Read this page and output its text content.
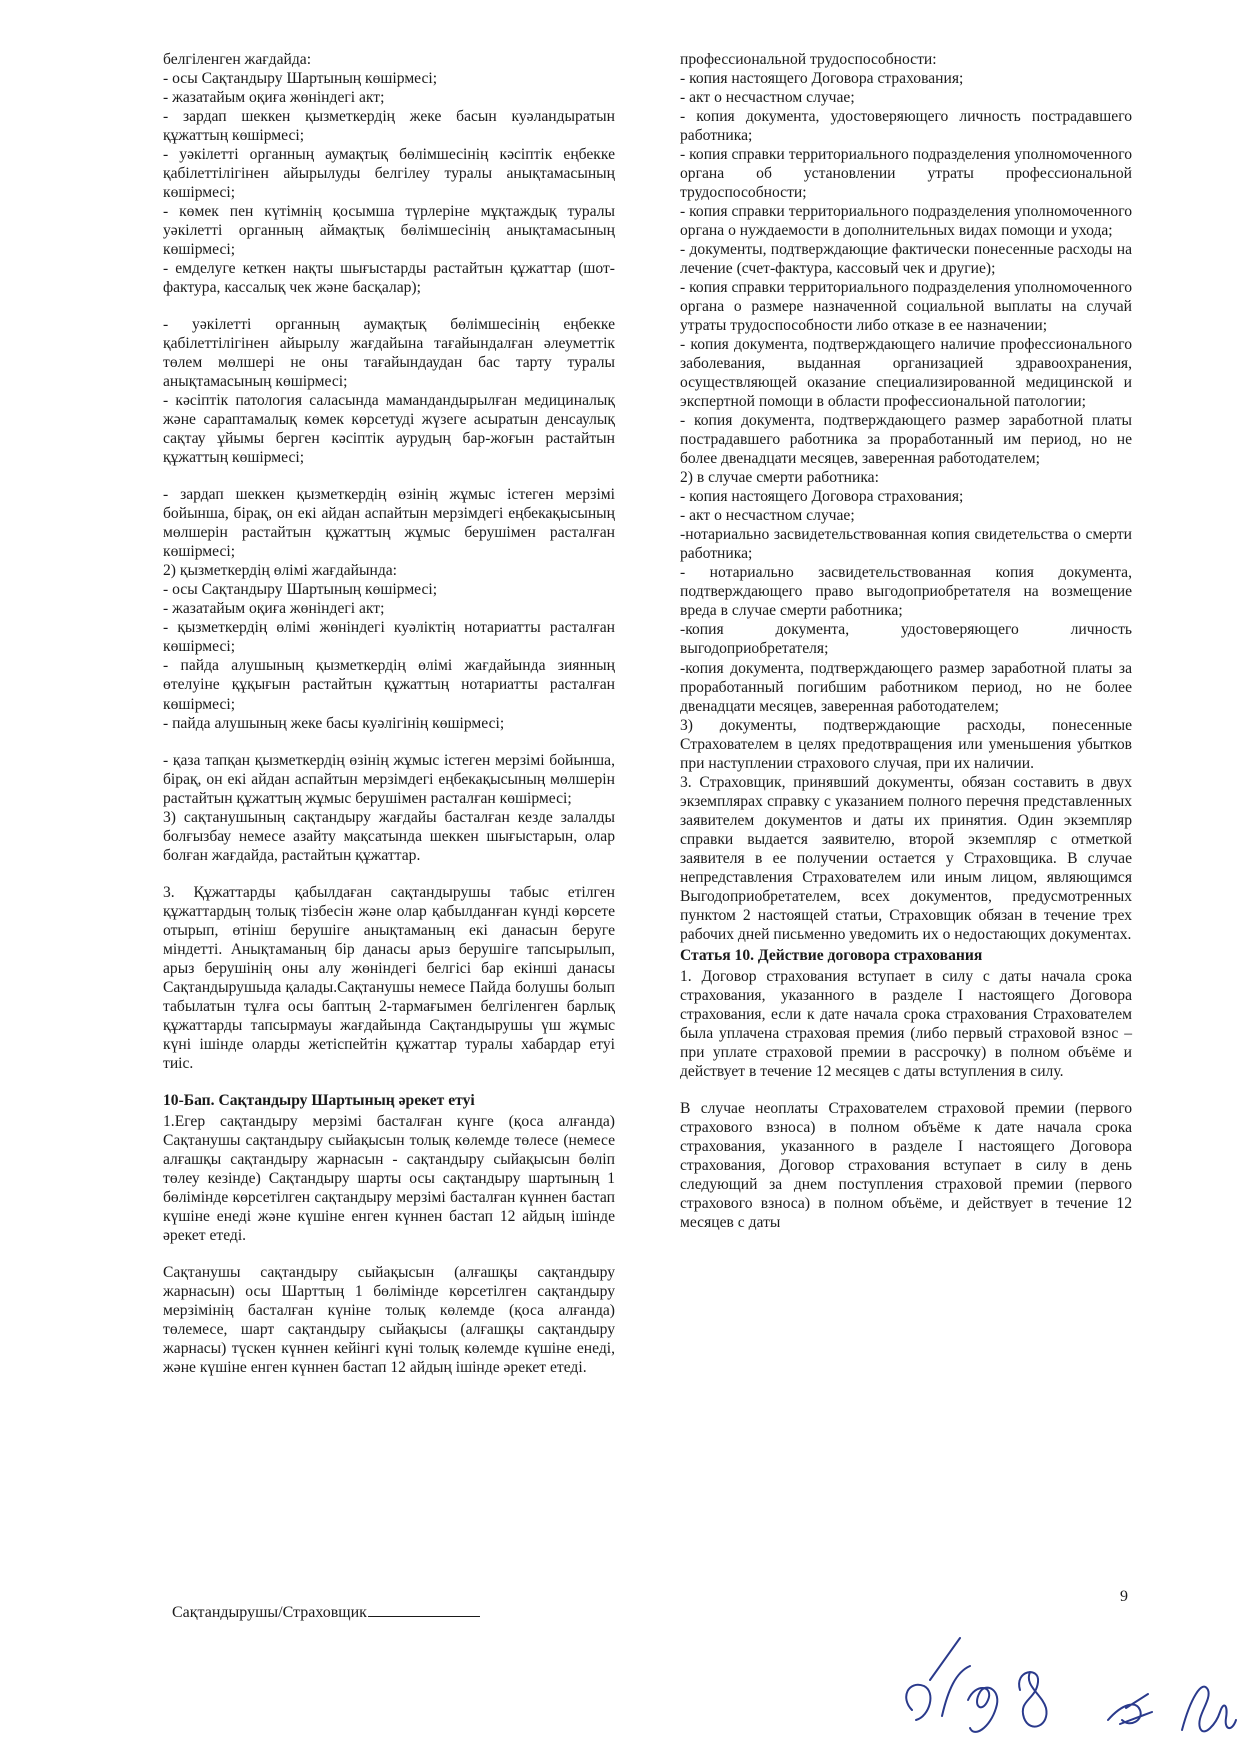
белгіленген жағдайда:

- осы Сақтандыру Шартының көшірмесі;

- жазатайым оқиға жөніндегі акт;

- зардап шеккен қызметкердің жеке басын куәландыратын құжаттың көшірмесі;

- уәкілетті органның аумақтық бөлімшесінің кәсіптік еңбекке қабілеттілігінен айырылуды белгілеу туралы анықтамасының көшірмесі;

- көмек пен күтімнің қосымша түрлеріне мұқтаждық туралы уәкілетті органның аймақтық бөлімшесінің анықтамасының көшірмесі;

- емделуге кеткен нақты шығыстарды растайтын құжаттар (шот-фактура, кассалық чек және басқалар);

- уәкілетті органның аумақтық бөлімшесінің еңбекке қабілеттілігінен айырылу жағдайына тағайындалған әлеуметтік төлем мөлшері не оны тағайындаудан бас тарту туралы анықтамасының көшірмесі;

- кәсіптік патология саласында мамандандырылған медициналық және сараптамалық көмек көрсетуді жүзеге асыратын денсаулық сақтау ұйымы берген кәсіптік аурудың бар-жоғын растайтын құжаттың көшірмесі;

- зардап шеккен қызметкердің өзінің жұмыс істеген мерзімі бойынша, бірақ, он екі айдан аспайтын мерзімдегі еңбекақысының мөлшерін растайтын құжаттың жұмыс берушімен расталған көшірмесі;

2) қызметкердің өлімі жағдайында:

- осы Сақтандыру Шартының көшірмесі;

- жазатайым оқиға жөніндегі акт;

- қызметкердің өлімі жөніндегі куәліктің нотариатты расталған көшірмесі;

- пайда алушының қызметкердің өлімі жағдайында зиянның өтелуіне құқығын растайтын құжаттың нотариатты расталған көшірмесі;

- пайда алушының жеке басы куәлігінің көшірмесі;

- қаза тапқан қызметкердің өзінің жұмыс істеген мерзімі бойынша, бірақ, он екі айдан аспайтын мерзімдегі еңбекақысының мөлшерін растайтын құжаттың жұмыс берушімен расталған көшірмесі;

3) сақтанушының сақтандыру жағдайы басталған кезде залалды болғызбау немесе азайту мақсатында шеккен шығыстарын, олар болған жағдайда, растайтын құжаттар.

3. Құжаттарды қабылдаған сақтандырушы табыс етілген құжаттардың толық тізбесін және олар қабылданған күнді көрсете отырып, өтініш берушіге анықтаманың екі данасын беруге міндетті. Анықтаманың бір данасы арыз берушіге тапсырылып, арыз берушінің оны алу жөніндегі белгісі бар екінші данасы Сақтандырушыда қалады.Сақтанушы немесе Пайда болушы болып табылатын тұлға осы баптың 2-тармағымен белгіленген барлық құжаттарды тапсырмауы жағдайында Сақтандырушы үш жұмыс күні ішінде оларды жетіспейтін құжаттар туралы хабардар етуі тиіс.

10-Бап. Сақтандыру Шартының әрекет етуі

1.Егер сақтандыру мерзімі басталған күнге (қоса алғанда) Сақтанушы сақтандыру сыйақысын толық көлемде төлесе (немесе алғашқы сақтандыру жарнасын - сақтандыру сыйақысын бөліп төлеу кезінде) Сақтандыру шарты осы сақтандыру шартының 1 бөлімінде көрсетілген сақтандыру мерзімі басталған күннен бастап күшіне енеді және күшіне енген күннен бастап 12 айдың ішінде әрекет етеді.

Сақтанушы сақтандыру сыйақысын (алғашқы сақтандыру жарнасын) осы Шарттың 1 бөлімінде көрсетілген сақтандыру мерзімінің басталған күніне толық көлемде (қоса алғанда) төлемесе, шарт сақтандыру сыйақысы (алғашқы сақтандыру жарнасы) түскен күннен кейінгі күні толық көлемде күшіне енеді, және күшіне енген күннен бастап 12 айдың ішінде әрекет етеді.

профессиональной трудоспособности:

- копия настоящего Договора страхования;

- акт о несчастном случае;

- копия документа, удостоверяющего личность пострадавшего работника;

- копия справки территориального подразделения уполномоченного органа об установлении утраты профессиональной трудоспособности;

- копия справки территориального подразделения уполномоченного органа о нуждаемости в дополнительных видах помощи и ухода;

- документы, подтверждающие фактически понесенные расходы на лечение (счет-фактура, кассовый чек и другие);

- копия справки территориального подразделения уполномоченного органа о размере назначенной социальной выплаты на случай утраты трудоспособности либо отказе в ее назначении;

- копия документа, подтверждающего наличие профессионального заболевания, выданная организацией здравоохранения, осуществляющей оказание специализированной медицинской и экспертной помощи в области профессиональной патологии;

- копия документа, подтверждающего размер заработной платы пострадавшего работника за проработанный им период, но не более двенадцати месяцев, заверенная работодателем;

2) в случае смерти работника:

- копия настоящего Договора страхования;

- акт о несчастном случае;

-нотариально засвидетельствованная копия свидетельства о смерти работника;

- нотариально засвидетельствованная копия документа, подтверждающего право выгодоприобретателя на возмещение вреда в случае смерти работника;

-копия документа, удостоверяющего личность выгодоприобретателя;

-копия документа, подтверждающего размер заработной платы за проработанный погибшим работником период, но не более двенадцати месяцев, заверенная работодателем;

3) документы, подтверждающие расходы, понесенные Страхователем в целях предотвращения или уменьшения убытков при наступлении страхового случая, при их наличии.

3. Страховщик, принявший документы, обязан составить в двух экземплярах справку с указанием полного перечня представленных заявителем документов и даты их принятия. Один экземпляр справки выдается заявителю, второй экземпляр с отметкой заявителя в ее получении остается у Страховщика. В случае непредставления Страхователем или иным лицом, являющимся Выгодоприобретателем, всех документов, предусмотренных пунктом 2 настоящей статьи, Страховщик обязан в течение трех рабочих дней письменно уведомить их о недостающих документах.

Статья 10. Действие договора страхования

1. Договор страхования вступает в силу с даты начала срока страхования, указанного в разделе I настоящего Договора страхования, если к дате начала срока страхования Страхователем была уплачена страховая премия (либо первый страховой взнос – при уплате страховой премии в рассрочку) в полном объёме и действует в течение 12 месяцев с даты вступления в силу.

В случае неоплаты Страхователем страховой премии (первого страхового взноса) в полном объёме к дате начала срока страхования, указанного в разделе I настоящего Договора страхования, Договор страхования вступает в силу в день следующий за днем поступления страховой премии (первого страхового взноса) в полном объёме, и действует в течение 12 месяцев с даты

Сақтандырушы/Страховщик
9
